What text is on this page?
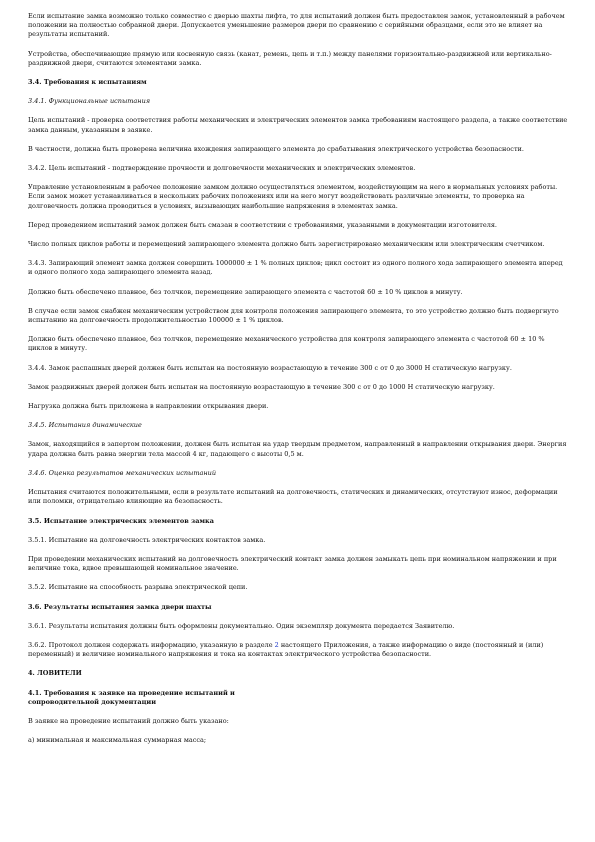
Если испытание замка возможно только совместно с дверью шахты лифта, то для испытаний должен быть предоставлен замок, установленный в рабочем положении на полностью собранной двери. Допускается уменьшение размеров двери по сравнению с серийными образцами, если это не влияет на результаты испытаний.

Устройства, обеспечивающие прямую или косвенную связь (канат, ремень, цепь и т.п.) между панелями горизонтально-раздвижной или вертикально-раздвижной двери, считаются элементами замка.

3.4. Требования к испытаниям

3.4.1. Функциональные испытания

Цель испытаний - проверка соответствия работы механических и электрических элементов замка требованиям настоящего раздела, а также соответствие замка данным, указанным в заявке.

В частности, должна быть проверена величина вхождения запирающего элемента до срабатывания электрического устройства безопасности.

3.4.2. Цель испытаний - подтверждение прочности и долговечности механических и электрических элементов.

Управление установленным в рабочее положение замком должно осуществляться элементом, воздействующим на него в нормальных условиях работы. Если замок может устанавливаться в нескольких рабочих положениях или на него могут воздействовать различные элементы, то проверка на долговечность должна проводиться в условиях, вызывающих наибольшие напряжения в элементах замка.

Перед проведением испытаний замок должен быть смазан в соответствии с требованиями, указанными в документации изготовителя.

Число полных циклов работы и перемещений запирающего элемента должно быть зарегистрировано механическим или электрическим счетчиком.

3.4.3. Запирающий элемент замка должен совершить 1000000 ± 1 % полных циклов; цикл состоит из одного полного хода запирающего элемента вперед и одного полного хода запирающего элемента назад.

Должно быть обеспечено плавное, без толчков, перемещение запирающего элемента с частотой 60 ± 10 % циклов в минуту.

В случае если замок снабжен механическим устройством для контроля положения запирающего элемента, то это устройство должно быть подвергнуто испытанию на долговечность продолжительностью 100000 ± 1 % циклов.

Должно быть обеспечено плавное, без толчков, перемещение механического устройства для контроля запирающего элемента с частотой 60 ± 10 % циклов в минуту.

3.4.4. Замок распашных дверей должен быть испытан на постоянную возрастающую в течение 300 с от 0 до 3000 Н статическую нагрузку.

Замок раздвижных дверей должен быть испытан на постоянную возрастающую в течение 300 с от 0 до 1000 Н статическую нагрузку.

Нагрузка должна быть приложена в направлении открывания двери.

3.4.5. Испытания динамические

Замок, находящийся в запертом положении, должен быть испытан на удар твердым предметом, направленный в направлении открывания двери. Энергия удара должна быть равна энергии тела массой 4 кг, падающего с высоты 0,5 м.

3.4.6. Оценка результатов механических испытаний

Испытания считаются положительными, если в результате испытаний на долговечность, статических и динамических, отсутствуют износ, деформации или поломки, отрицательно влияющие на безопасность.

3.5. Испытание электрических элементов замка

3.5.1. Испытание на долговечность электрических контактов замка.

При проведении механических испытаний на долговечность электрический контакт замка должен замыкать цепь при номинальном напряжении и при величине тока, вдвое превышающей номинальное значение.

3.5.2. Испытание на способность разрыва электрической цепи.

3.6. Результаты испытания замка двери шахты

3.6.1. Результаты испытания должны быть оформлены документально. Один экземпляр документа передается Заявителю.

3.6.2. Протокол должен содержать информацию, указанную в разделе 2 настоящего Приложения, а также информацию о виде (постоянный и (или) переменный) и величине номинального напряжения и тока на контактах электрического устройства безопасности.

4. ЛОВИТЕЛИ

4.1. Требования к заявке на проведение испытаний и сопроводительной документации

В заявке на проведение испытаний должно быть указано:

а) минимальная и максимальная суммарная масса;
